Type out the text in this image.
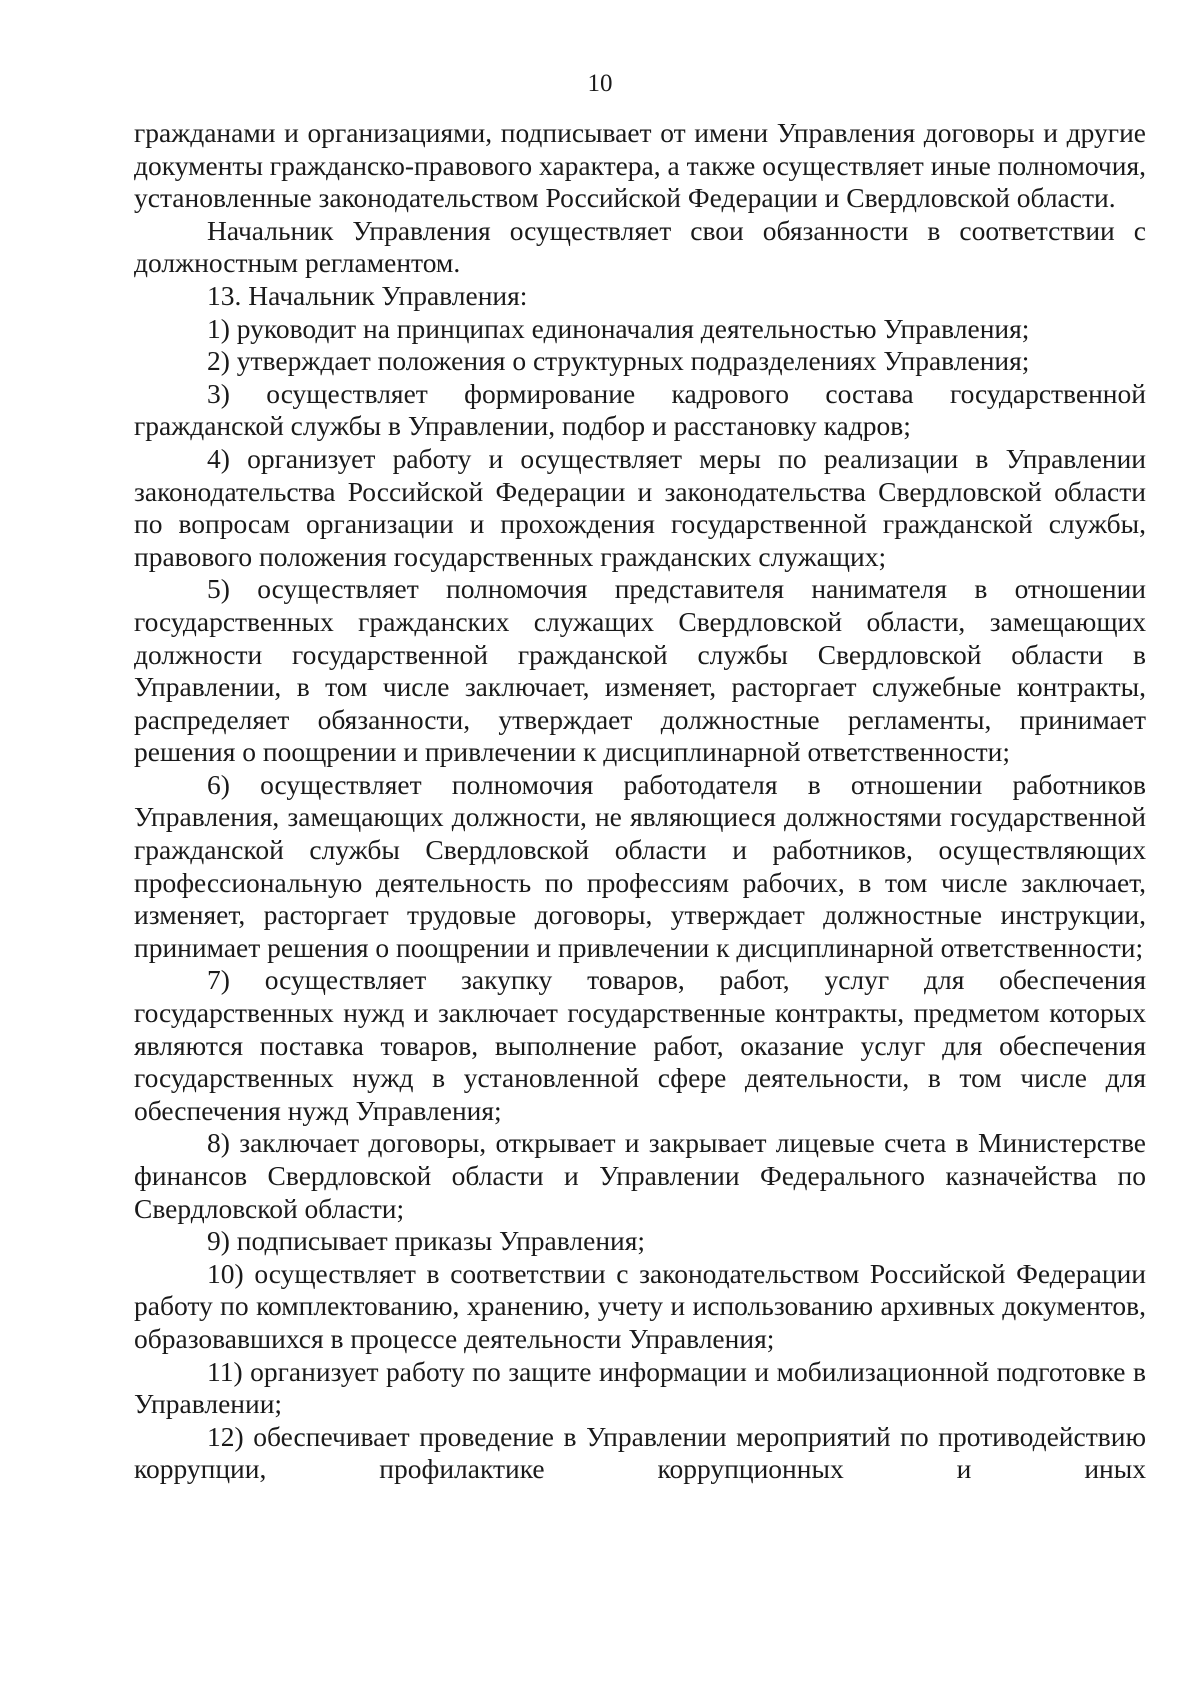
10

гражданами и организациями, подписывает от имени Управления договоры и другие документы гражданско-правового характера, а также осуществляет иные полномочия, установленные законодательством Российской Федерации и Свердловской области.

Начальник Управления осуществляет свои обязанности в соответствии с должностным регламентом.

13. Начальник Управления:

1) руководит на принципах единоначалия деятельностью Управления;

2) утверждает положения о структурных подразделениях Управления;

3) осуществляет формирование кадрового состава государственной гражданской службы в Управлении, подбор и расстановку кадров;

4) организует работу и осуществляет меры по реализации в Управлении законодательства Российской Федерации и законодательства Свердловской области по вопросам организации и прохождения государственной гражданской службы, правового положения государственных гражданских служащих;

5) осуществляет полномочия представителя нанимателя в отношении государственных гражданских служащих Свердловской области, замещающих должности государственной гражданской службы Свердловской области в Управлении, в том числе заключает, изменяет, расторгает служебные контракты, распределяет обязанности, утверждает должностные регламенты, принимает решения о поощрении и привлечении к дисциплинарной ответственности;

6) осуществляет полномочия работодателя в отношении работников Управления, замещающих должности, не являющиеся должностями государственной гражданской службы Свердловской области и работников, осуществляющих профессиональную деятельность по профессиям рабочих, в том числе заключает, изменяет, расторгает трудовые договоры, утверждает должностные инструкции, принимает решения о поощрении и привлечении к дисциплинарной ответственности;

7) осуществляет закупку товаров, работ, услуг для обеспечения государственных нужд и заключает государственные контракты, предметом которых являются поставка товаров, выполнение работ, оказание услуг для обеспечения государственных нужд в установленной сфере деятельности, в том числе для обеспечения нужд Управления;

8) заключает договоры, открывает и закрывает лицевые счета в Министерстве финансов Свердловской области и Управлении Федерального казначейства по Свердловской области;

9) подписывает приказы Управления;

10) осуществляет в соответствии с законодательством Российской Федерации работу по комплектованию, хранению, учету и использованию архивных документов, образовавшихся в процессе деятельности Управления;

11) организует работу по защите информации и мобилизационной подготовке в Управлении;

12) обеспечивает проведение в Управлении мероприятий по противодействию коррупции, профилактике коррупционных и иных
